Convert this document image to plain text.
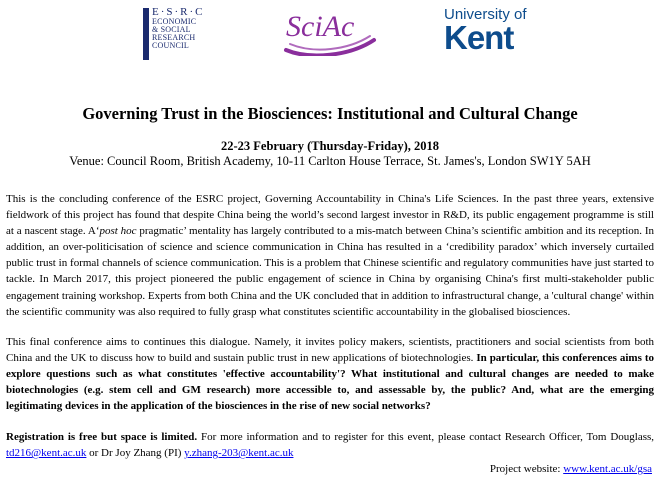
E·S·R·C
ECONOMIC
& SOCIAL
RESEARCH
COUNCIL
SciAc	University of
Kent
Governing Trust in the Biosciences: Institutional and Cultural Change
22-23 February (Thursday-Friday), 2018
Venue: Council Room, British Academy, 10-11 Carlton House Terrace, St. James's, London SW1Y 5AH

This is the concluding conference of the ESRC project, Governing Accountability in China's Life Sciences. In the past three years, extensive fieldwork of this project has found that despite China being the world’s second largest investor in R&D, its public engagement programme is still at a nascent stage. A‘post hoc pragmatic’ mentality has largely contributed to a mis-match between China’s scientific ambition and its reception. In addition, an over-politicisation of science and science communication in China has resulted in a ‘credibility paradox’ which inversely curtailed public trust in formal channels of science communication. This is a problem that Chinese scientific and regulatory communities have just started to tackle. In March 2017, this project pioneered the public engagement of science in China by organising China's first multi-stakeholder public engagement training workshop. Experts from both China and the UK concluded that in addition to infrastructural change, a 'cultural change' within the scientific community was also required to fully grasp what constitutes scientific accountability in the globalised biosciences.

This final conference aims to continues this dialogue. Namely, it invites policy makers, scientists, practitioners and social scientists from both China and the UK to discuss how to build and sustain public trust in new applications of biotechnologies. In particular, this conferences aims to explore questions such as what constitutes 'effective accountability'? What institutional and cultural changes are needed to make biotechnologies (e.g. stem cell and GM research) more accessible to, and assessable by, the public? And, what are the emerging legitimating devices in the application of the biosciences in the rise of new social networks?

Registration is free but space is limited. For more information and to register for this event, please contact Research Officer, Tom Douglass, td216@kent.ac.uk or Dr Joy Zhang (PI) y.zhang-203@kent.ac.uk

Project website: www.kent.ac.uk/gsa
